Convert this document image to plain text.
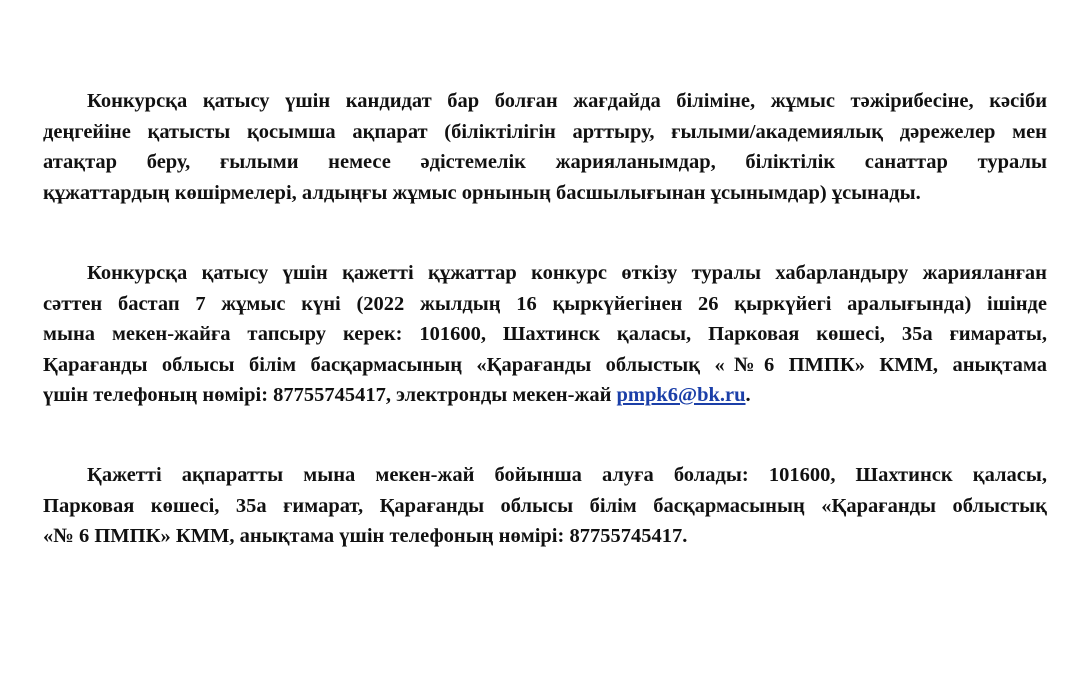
Конкурсқа қатысу үшін кандидат бар болған жағдайда біліміне, жұмыс тәжірибесіне, кәсіби
деңгейіне қатысты қосымша ақпарат (біліктілігін арттыру, ғылыми/академиялық дәрежелер мен
атақтар беру, ғылыми немесе әдістемелік жарияланымдар, біліктілік санаттар туралы
құжаттардың көшірмелері, алдыңғы жұмыс орнының басшылығынан ұсынымдар) ұсынады.

Конкурсқа қатысу үшін қажетті құжаттар конкурс өткізу туралы хабарландыру жарияланған
сәттен бастап 7 жұмыс күні (2022 жылдың 16 қыркүйегінен 26 қыркүйегі аралығында) ішінде
мына мекен-жайға тапсыру керек: 101600, Шахтинск қаласы, Парковая көшесі, 35а ғимараты,
Қарағанды облысы білім басқармасының «Қарағанды облыстық «№6 ПМПК» КММ, анықтама
үшін телефоның нөмірі: 87755745417, электронды мекен-жай pmpk6@bk.ru.

Қажетті ақпаратты мына мекен-жай бойынша алуға болады: 101600, Шахтинск қаласы,
Парковая көшесі, 35а ғимарат, Қарағанды облысы білім басқармасының «Қарағанды облыстық
«№ 6 ПМПК» КММ, анықтама үшін телефоның нөмірі: 87755745417.
